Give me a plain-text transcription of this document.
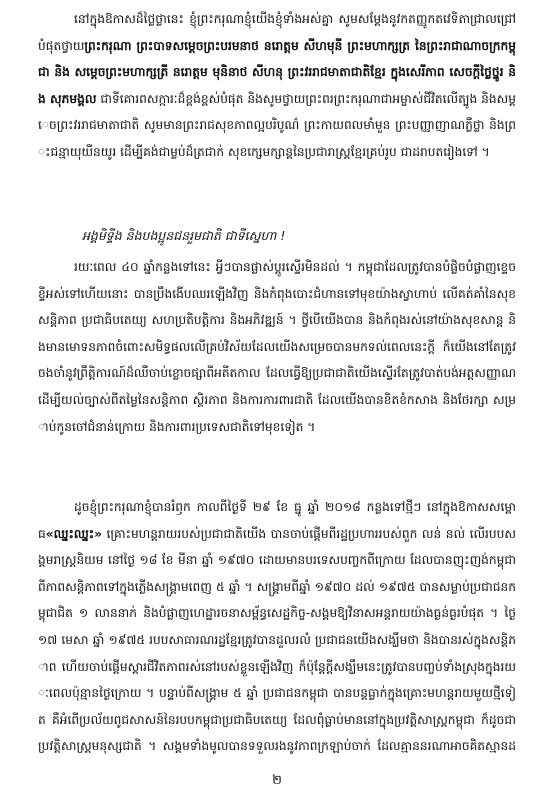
នៅក្នុងឱកាសដ៏ថ្លៃថ្លានេះ ខ្ញុំព្រះករុណាខ្ញុំយើងខ្ញុំទាំងអស់គ្នា សូមសម្តែងនូវកតញ្ញូកតវេទិតាជ្រាលជ្រៅបំផុតថ្វាយព្រះករុណា ព្រះបាទសម្តេចព្រះបរមនាថ នរោត្តម សីហមុនី ព្រះមហាក្សត្រ នៃព្រះរាជាណាចក្រកម្ពុជា និង សម្តេចព្រះមហាក្សត្រី នរោត្តម មុនិនាថ សីហនុ ព្រះវររាជមាតាជាតិខ្មែរ ក្នុងសេរីភាព សេចក្តីថ្លៃថ្នូរ និង សុភមង្គល ជាទីគោរពសក្ការៈដ៏ខ្ពង់ខ្ពស់បំផុត និងសូមថ្វាយព្រះពរព្រះករុណាជាអម្ចាស់ជីវិតលើត្បូង និងសម្តេចព្រះវររាជមាតាជាតិ សូមមានព្រះរាជសុខភាពល្អបរិបូណ៌ ព្រះកាយពលមាំមួន ព្រះបញ្ញាញាណភ្លឺថ្លា និងព្រះជន្មាយុយឺនយូរ ដើម្បីគង់ជាម្លប់ដ៏ត្រជាក់ សុខក្សេមក្សាន្តនៃប្រជារាស្ត្រខ្មែរគ្រប់រូប ជាដរាបតរៀងទៅ ។

អង្គមិទ្ទីង និងបងប្អូនជនរួមជាតិ ជាទីស្នេហា !

រយៈពេល ៤០ ឆ្នាំកន្លងទៅនេះ អ្វីៗបានផ្លាស់ប្តូរស្ទើរមិនដល់ ។ កម្ពុជាដែលត្រូវបានបំផ្លិចបំផ្លាញខ្ទេចខ្ទីអស់ទៅហើយនោះ បានប្រឹងងើបឈរឡើងវិញ និងកំពុងបោះជំហានទៅមុខយ៉ាងស្វាហាប់ លើគត់គាំនៃសុខសន្តិភាព ប្រជាធិបតេយ្យ សហប្រតិបត្តិការ និងអភិវឌ្ឍន៍ ។ ថ្វីបើយើងបាន និងកំពុងរស់នៅយ៉ាងសុខសាន្ត និងមានមោទនភាពចំពោះសមិទ្ធផលលើគ្រប់វិស័យដែលយើងសម្រេចបានមកទល់ពេលនេះក្តី ក៏យើងនៅតែត្រូវចងចាំនូវព្រឹត្តិការណ៍ដ៏ឈឺចាប់ខ្លោចផ្សាពីអតីតកាល ដែលធ្វើឱ្យប្រជាជាតិយើងស្ទើរតែត្រូវបាត់បង់អត្តសញ្ញាណ ដើម្បីយល់ច្បាស់ពីតម្លៃនៃសន្តិភាព ស្ថិរភាព និងការការពារជាតិ ដែលយើងបានខិតខំកសាង និងថែរក្សា សម្រាប់កូនចៅជំនាន់ក្រោយ និងការពារប្រទេសជាតិទៅមុខទៀត ។

ដូចខ្ញុំព្រះករុណាខ្ញុំបានរំឭក កាលពីថ្ងៃទី ២៩ ខែ ធ្នូ ឆ្នាំ ២០១៨ កន្លងទៅថ្មីៗ នៅក្នុងឱកាសសម្ពោធ«ឈ្នះឈ្នះ» គ្រោះមហន្តរាយរបស់ប្រជាជាតិយើង បានចាប់ផ្តើមពីរដ្ឋប្រហាររបស់ពួក លន់ នល់ លើរបបសង្គមរាស្ត្រនិយម នៅថ្ងៃ ១៨ ខែ មីនា ឆ្នាំ ១៩៧០ ដោយមានបរទេសបញ្ចកពីក្រោយ ដែលបានញុះញង់កម្ពុជាពីភាពសន្តិភាពទៅក្នុងភ្លើងសង្គ្រាមពេញ ៥ ឆ្នាំ ។ សង្គ្រាមពីឆ្នាំ ១៩៧០ ដល់ ១៩៧៥ បានសម្លាប់ប្រជាជនកម្ពុជាជិត ១ លាននាក់ និងបំផ្លាញហេដ្ឋារចនាសម្ព័ន្ធសេដ្ឋកិច្ច-សង្គមឱ្យវិនាសអន្តរាយយ៉ាងធ្ងន់ធ្ងរបំផុត ។ ថ្ងៃ ១៧ មេសា ឆ្នាំ ១៩៧៥ របបសាធារណរដ្ឋខ្មែរត្រូវបានដួលរលំ ប្រជាជនយើងសង្ឃឹមថា និងបានរស់ក្នុងសន្តិភាព ហើយចាប់ផ្តើមស្តារជីវិតភាពរស់នៅរបស់ខ្លួនឡើងវិញ ក៏ប៉ុន្តែក្តីសង្ឃឹមនេះត្រូវបានបញ្ចប់ទាំងស្រុងក្នុងរយៈពេលប៉ុន្មានថ្ងៃក្រោយ ។ បន្ទាប់ពីសង្គ្រាម ៥ ឆ្នាំ ប្រជាជនកម្ពុជា បានបន្តធ្លាក់ក្នុងគ្រោះមហន្តរាយមួយថ្មីទៀត គឺអំពើប្រល័យពូជសាសន៍នៃរបបកម្ពុជាប្រជាធិបតេយ្យ ដែលពុំធ្លាប់មាននៅក្នុងប្រវត្តិសាស្ត្រកម្ពុជា ក៏ដូចជាប្រវត្តិសាស្ត្រមនុស្សជាតិ ។ សង្គមទាំងមូលបានទទួលរងនូវភាពក្រឡាប់ចាក់ ដែលគ្មាននរណាអាចគិតស្មានដ

២
